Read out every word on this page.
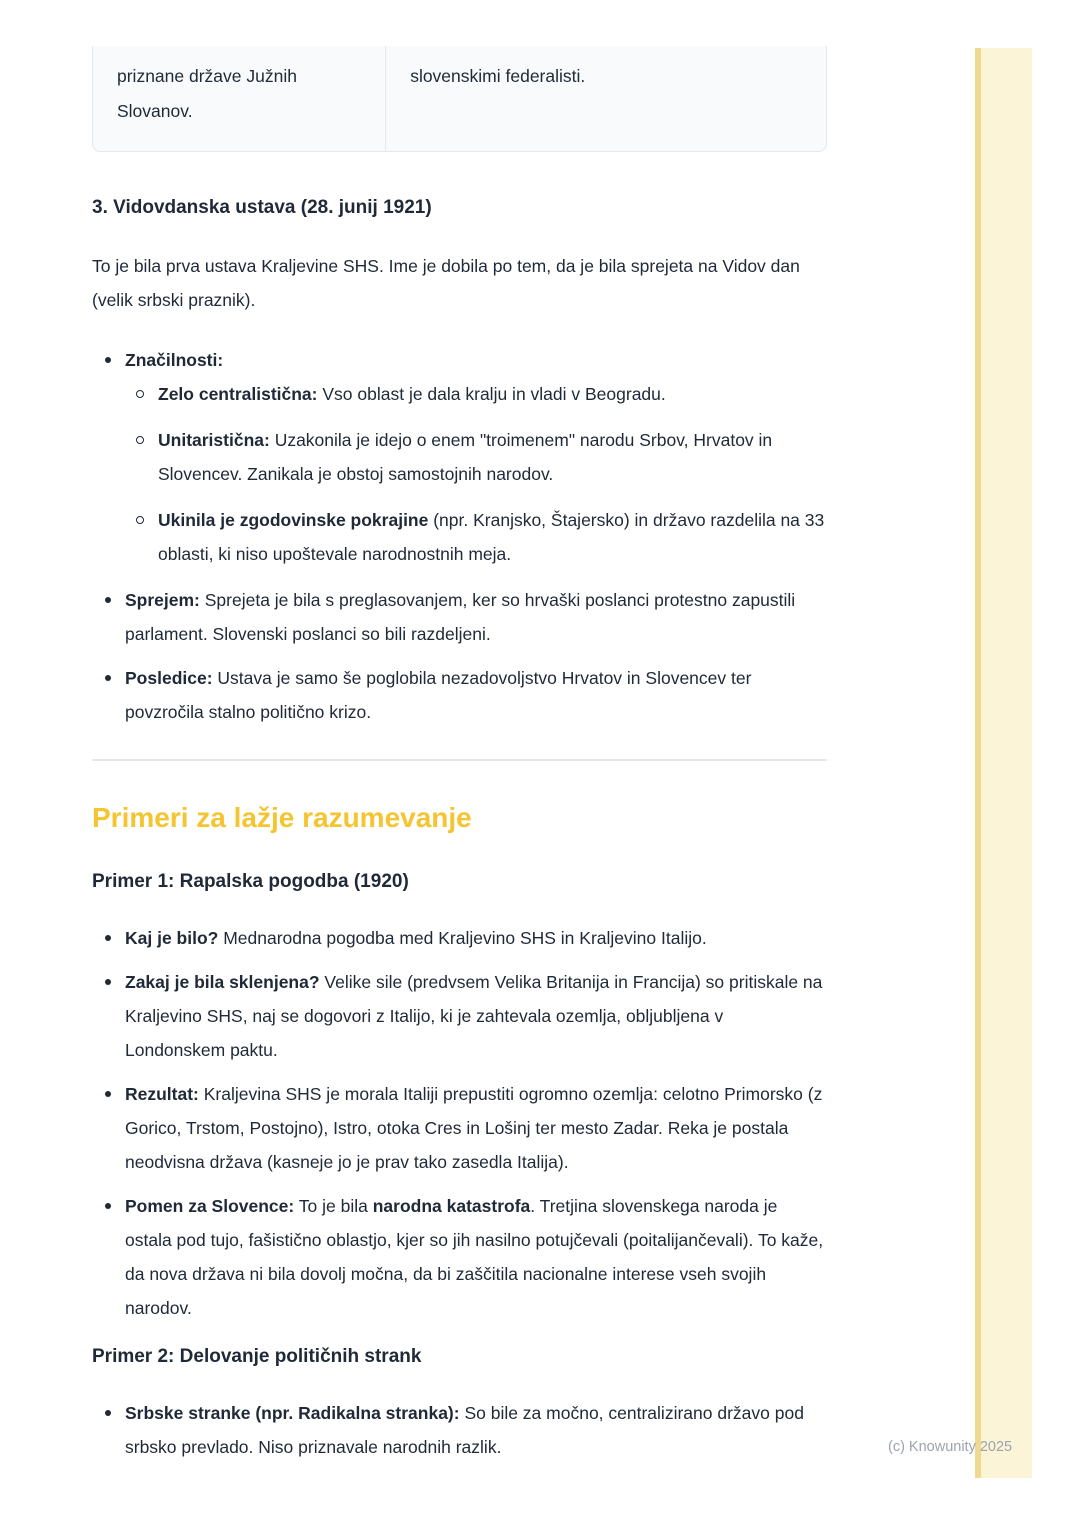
priznane države Južnih Slovanov.
slovenskimi federalisti.
3. Vidovdanska ustava (28. junij 1921)

To je bila prva ustava Kraljevine SHS. Ime je dobila po tem, da je bila sprejeta na Vidov dan (velik srbski praznik).

Značilnosti:
Zelo centralistična: Vso oblast je dala kralju in vladi v Beogradu.
Unitaristična: Uzakonila je idejo o enem "troimenem" narodu Srbov, Hrvatov in Slovencev. Zanikala je obstoj samostojnih narodov.
Ukinila je zgodovinske pokrajine (npr. Kranjsko, Štajersko) in državo razdelila na 33 oblasti, ki niso upoštevale narodnostnih meja.
Sprejem: Sprejeta je bila s preglasovanjem, ker so hrvaški poslanci protestno zapustili parlament. Slovenski poslanci so bili razdeljeni.
Posledice: Ustava je samo še poglobila nezadovoljstvo Hrvatov in Slovencev ter povzročila stalno politično krizo.
Primeri za lažje razumevanje
Primer 1: Rapalska pogodba (1920)
Kaj je bilo? Mednarodna pogodba med Kraljevino SHS in Kraljevino Italijo.
Zakaj je bila sklenjena? Velike sile (predvsem Velika Britanija in Francija) so pritiskale na Kraljevino SHS, naj se dogovori z Italijo, ki je zahtevala ozemlja, obljubljena v Londonskem paktu.
Rezultat: Kraljevina SHS je morala Italiji prepustiti ogromno ozemlja: celotno Primorsko (z Gorico, Trstom, Postojno), Istro, otoka Cres in Lošinj ter mesto Zadar. Reka je postala neodvisna država (kasneje jo je prav tako zasedla Italija).
Pomen za Slovence: To je bila narodna katastrofa. Tretjina slovenskega naroda je ostala pod tujo, fašistično oblastjo, kjer so jih nasilno potujčevali (poitalijančevali). To kaže, da nova država ni bila dovolj močna, da bi zaščitila nacionalne interese vseh svojih narodov.
Primer 2: Delovanje političnih strank
Srbske stranke (npr. Radikalna stranka): So bile za močno, centralizirano državo pod srbsko prevlado. Niso priznavale narodnih razlik.	(c) Knowunity 2025
